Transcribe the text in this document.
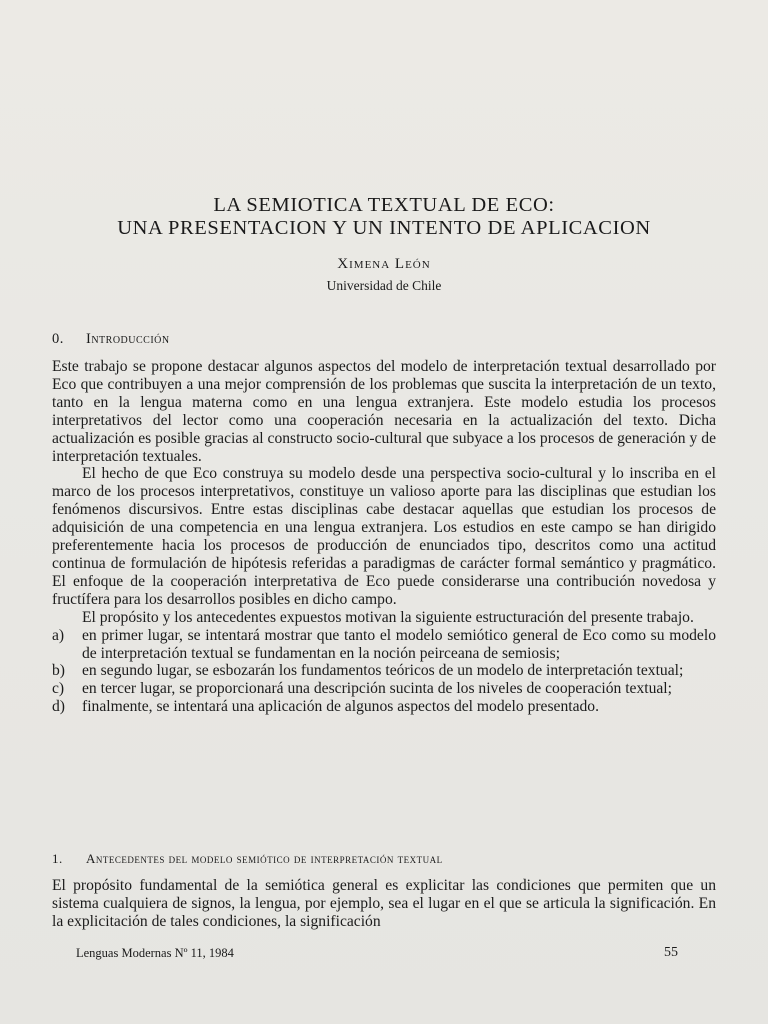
LA SEMIOTICA TEXTUAL DE ECO:
UNA PRESENTACION Y UN INTENTO DE APLICACION
Ximena León
Universidad de Chile
0. Introducción

Este trabajo se propone destacar algunos aspectos del modelo de interpretación textual desarrollado por Eco que contribuyen a una mejor comprensión de los problemas que suscita la interpretación de un texto, tanto en la lengua materna como en una lengua extranjera. Este modelo estudia los procesos interpretativos del lector como una cooperación necesaria en la actualización del texto. Dicha actualización es posible gracias al constructo socio-cultural que subyace a los procesos de generación y de interpretación textuales.

El hecho de que Eco construya su modelo desde una perspectiva socio-cultural y lo inscriba en el marco de los procesos interpretativos, constituye un valioso aporte para las disciplinas que estudian los fenómenos discursivos. Entre estas disciplinas cabe destacar aquellas que estudian los procesos de adquisición de una competencia en una lengua extranjera. Los estudios en este campo se han dirigido preferentemente hacia los procesos de producción de enunciados tipo, descritos como una actitud continua de formulación de hipótesis referidas a paradigmas de carácter formal semántico y pragmático. El enfoque de la cooperación interpretativa de Eco puede considerarse una contribución novedosa y fructífera para los desarrollos posibles en dicho campo.

El propósito y los antecedentes expuestos motivan la siguiente estructuración del presente trabajo.

a) en primer lugar, se intentará mostrar que tanto el modelo semiótico general de Eco como su modelo de interpretación textual se fundamentan en la noción peirceana de semiosis;

b) en segundo lugar, se esbozarán los fundamentos teóricos de un modelo de interpretación textual;

c) en tercer lugar, se proporcionará una descripción sucinta de los niveles de cooperación textual;

d) finalmente, se intentará una aplicación de algunos aspectos del modelo presentado.

1. Antecedentes del modelo semiótico de interpretación textual

El propósito fundamental de la semiótica general es explicitar las condiciones que permiten que un sistema cualquiera de signos, la lengua, por ejemplo, sea el lugar en el que se articula la significación. En la explicitación de tales condiciones, la significación

Lenguas Modernas Nº 11, 1984	55
